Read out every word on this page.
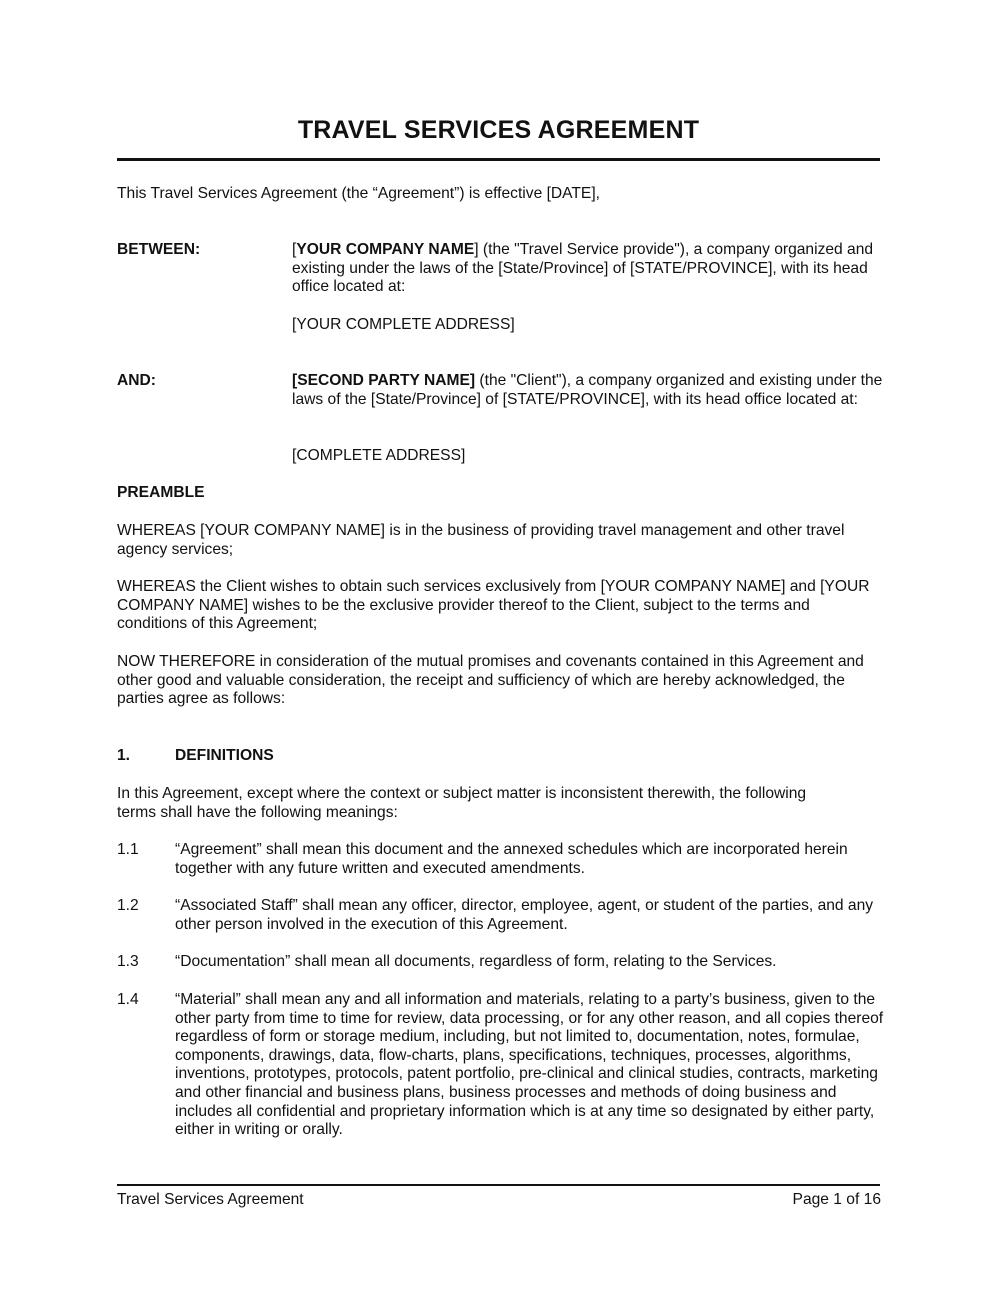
TRAVEL SERVICES AGREEMENT

This Travel Services Agreement (the “Agreement”) is effective [DATE],

BETWEEN:	[YOUR COMPANY NAME] (the "Travel Service provide"), a company organized and existing under the laws of the [State/Province] of [STATE/PROVINCE], with its head office located at:

[YOUR COMPLETE ADDRESS]

AND:	[SECOND PARTY NAME] (the "Client"), a company organized and existing under the laws of the [State/Province] of [STATE/PROVINCE], with its head office located at:

[COMPLETE ADDRESS]

PREAMBLE

WHEREAS [YOUR COMPANY NAME] is in the business of providing travel management and other travel agency services;

WHEREAS the Client wishes to obtain such services exclusively from [YOUR COMPANY NAME] and [YOUR COMPANY NAME] wishes to be the exclusive provider thereof to the Client, subject to the terms and conditions of this Agreement;

NOW THEREFORE in consideration of the mutual promises and covenants contained in this Agreement and other good and valuable consideration, the receipt and sufficiency of which are hereby acknowledged, the parties agree as follows:

1.	DEFINITIONS

In this Agreement, except where the context or subject matter is inconsistent therewith, the following terms shall have the following meanings:

1.1 “Agreement” shall mean this document and the annexed schedules which are incorporated herein together with any future written and executed amendments.

1.2 “Associated Staff” shall mean any officer, director, employee, agent, or student of the parties, and any other person involved in the execution of this Agreement.

1.3 “Documentation” shall mean all documents, regardless of form, relating to the Services.

1.4 “Material” shall mean any and all information and materials, relating to a party’s business, given to the other party from time to time for review, data processing, or for any other reason, and all copies thereof regardless of form or storage medium, including, but not limited to, documentation, notes, formulae, components, drawings, data, flow-charts, plans, specifications, techniques, processes, algorithms, inventions, prototypes, protocols, patent portfolio, pre-clinical and clinical studies, contracts, marketing and other financial and business plans, business processes and methods of doing business and includes all confidential and proprietary information which is at any time so designated by either party, either in writing or orally.

Travel Services Agreement	Page 1 of 16
